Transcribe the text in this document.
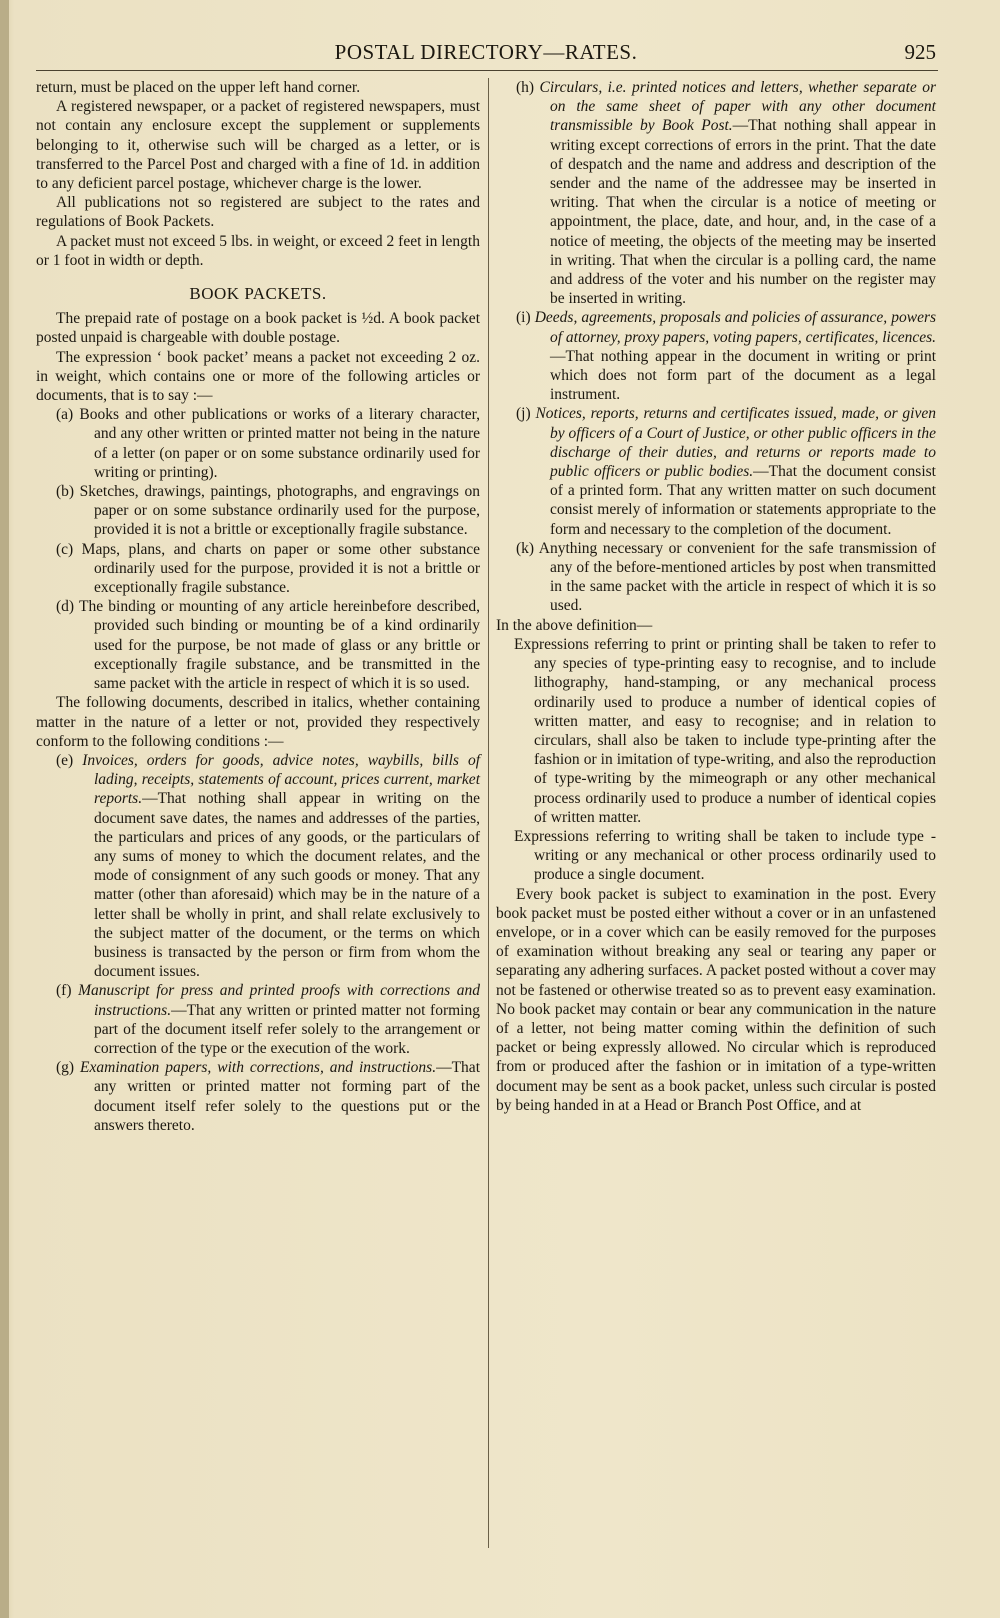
POSTAL DIRECTORY—RATES.	925

return, must be placed on the upper left hand corner.

A registered newspaper, or a packet of registered newspapers, must not contain any enclosure except the supplement or supplements belonging to it, otherwise such will be charged as a letter, or is transferred to the Parcel Post and charged with a fine of 1d. in addition to any deficient parcel postage, whichever charge is the lower.

All publications not so registered are subject to the rates and regulations of Book Packets.

A packet must not exceed 5 lbs. in weight, or exceed 2 feet in length or 1 foot in width or depth.

BOOK PACKETS.

The prepaid rate of postage on a book packet is ½d. A book packet posted unpaid is chargeable with double postage.

The expression ‘ book packet’ means a packet not exceeding 2 oz. in weight, which contains one or more of the following articles or documents, that is to say :—

(a) Books and other publications or works of a literary character, and any other written or printed matter not being in the nature of a letter (on paper or on some substance ordinarily used for writing or printing).

(b) Sketches, drawings, paintings, photographs, and engravings on paper or on some substance ordinarily used for the purpose, provided it is not a brittle or exceptionally fragile substance.

(c) Maps, plans, and charts on paper or some other substance ordinarily used for the purpose, provided it is not a brittle or exceptionally fragile substance.

(d) The binding or mounting of any article hereinbefore described, provided such binding or mounting be of a kind ordinarily used for the purpose, be not made of glass or any brittle or exceptionally fragile substance, and be transmitted in the same packet with the article in respect of which it is so used.

The following documents, described in italics, whether containing matter in the nature of a letter or not, provided they respectively conform to the following conditions :—

(e) Invoices, orders for goods, advice notes, waybills, bills of lading, receipts, statements of account, prices current, market reports.—That nothing shall appear in writing on the document save dates, the names and addresses of the parties, the particulars and prices of any goods, or the particulars of any sums of money to which the document relates, and the mode of consignment of any such goods or money. That any matter (other than aforesaid) which may be in the nature of a letter shall be wholly in print, and shall relate exclusively to the subject matter of the document, or the terms on which business is transacted by the person or firm from whom the document issues.

(f) Manuscript for press and printed proofs with corrections and instructions.—That any written or printed matter not forming part of the document itself refer solely to the arrangement or correction of the type or the execution of the work.

(g) Examination papers, with corrections, and instructions.—That any written or printed matter not forming part of the document itself refer solely to the questions put or the answers thereto.

(h) Circulars, i.e. printed notices and letters, whether separate or on the same sheet of paper with any other document transmissible by Book Post.—That nothing shall appear in writing except corrections of errors in the print. That the date of despatch and the name and address and description of the sender and the name of the addressee may be inserted in writing. That when the circular is a notice of meeting or appointment, the place, date, and hour, and, in the case of a notice of meeting, the objects of the meeting may be inserted in writing. That when the circular is a polling card, the name and address of the voter and his number on the register may be inserted in writing.

(i) Deeds, agreements, proposals and policies of assurance, powers of attorney, proxy papers, voting papers, certificates, licences.—That nothing appear in the document in writing or print which does not form part of the document as a legal instrument.

(j) Notices, reports, returns and certificates issued, made, or given by officers of a Court of Justice, or other public officers in the discharge of their duties, and returns or reports made to public officers or public bodies.—That the document consist of a printed form. That any written matter on such document consist merely of information or statements appropriate to the form and necessary to the completion of the document.

(k) Anything necessary or convenient for the safe transmission of any of the before-mentioned articles by post when transmitted in the same packet with the article in respect of which it is so used.

In the above definition—

Expressions referring to print or printing shall be taken to refer to any species of type-printing easy to recognise, and to include lithography, hand-stamping, or any mechanical process ordinarily used to produce a number of identical copies of written matter, and easy to recognise; and in relation to circulars, shall also be taken to include type-printing after the fashion or in imitation of type-writing, and also the reproduction of type-writing by the mimeograph or any other mechanical process ordinarily used to produce a number of identical copies of written matter.

Expressions referring to writing shall be taken to include type - writing or any mechanical or other process ordinarily used to produce a single document.

Every book packet is subject to examination in the post. Every book packet must be posted either without a cover or in an unfastened envelope, or in a cover which can be easily removed for the purposes of examination without breaking any seal or tearing any paper or separating any adhering surfaces. A packet posted without a cover may not be fastened or otherwise treated so as to prevent easy examination. No book packet may contain or bear any communication in the nature of a letter, not being matter coming within the definition of such packet or being expressly allowed. No circular which is reproduced from or produced after the fashion or in imitation of a type-written document may be sent as a book packet, unless such circular is posted by being handed in at a Head or Branch Post Office, and at
